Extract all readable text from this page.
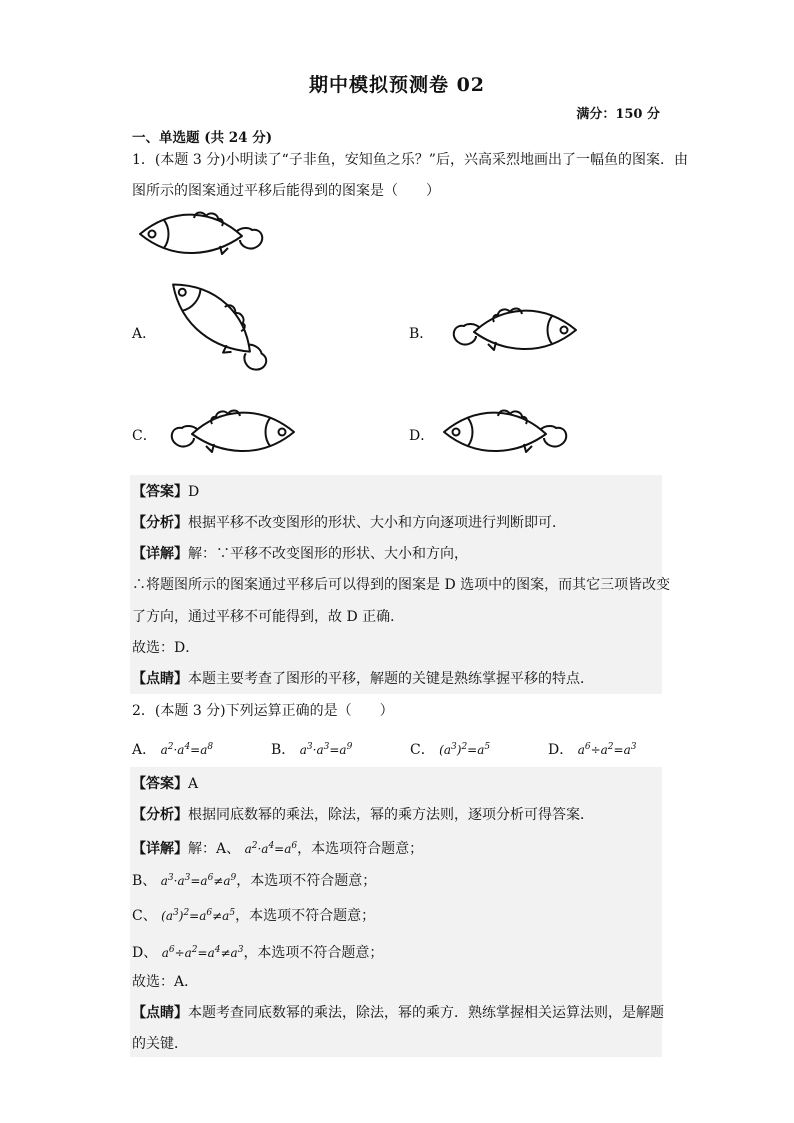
期中模拟预测卷 02
满分：150 分
一、单选题 (共 24 分)
1．(本题 3 分)小明读了“子非鱼，安知鱼之乐？”后，兴高采烈地画出了一幅鱼的图案．由
图所示的图案通过平移后能得到的图案是（　　）
A．	B．
C．	D．
【答案】D
【分析】根据平移不改变图形的形状、大小和方向逐项进行判断即可．
【详解】解：∵平移不改变图形的形状、大小和方向，
∴将题图所示的图案通过平移后可以得到的图案是 D 选项中的图案，而其它三项皆改变
了方向，通过平移不可能得到，故 D 正确．
故选：D．
【点睛】本题主要考查了图形的平移，解题的关键是熟练掌握平移的特点．
2．(本题 3 分)下列运算正确的是（　　）
A． $a^2\cdot a^4=a^8$	B． $a^3\cdot a^3=a^9$	C． $(a^3)^2=a^5$	D． $a^6\div a^2=a^3$
【答案】A
【分析】根据同底数幂的乘法，除法，幂的乘方法则，逐项分析可得答案．
【详解】解：A、 $a^2\cdot a^4=a^6$，本选项符合题意；
B、 $a^3\cdot a^3=a^6\ne a^9$，本选项不符合题意；
C、 $(a^3)^2=a^6\ne a^5$，本选项不符合题意；
D、 $a^6\div a^2=a^4\ne a^3$，本选项不符合题意；
故选：A．
【点睛】本题考查同底数幂的乘法，除法，幂的乘方．熟练掌握相关运算法则，是解题
的关键．
